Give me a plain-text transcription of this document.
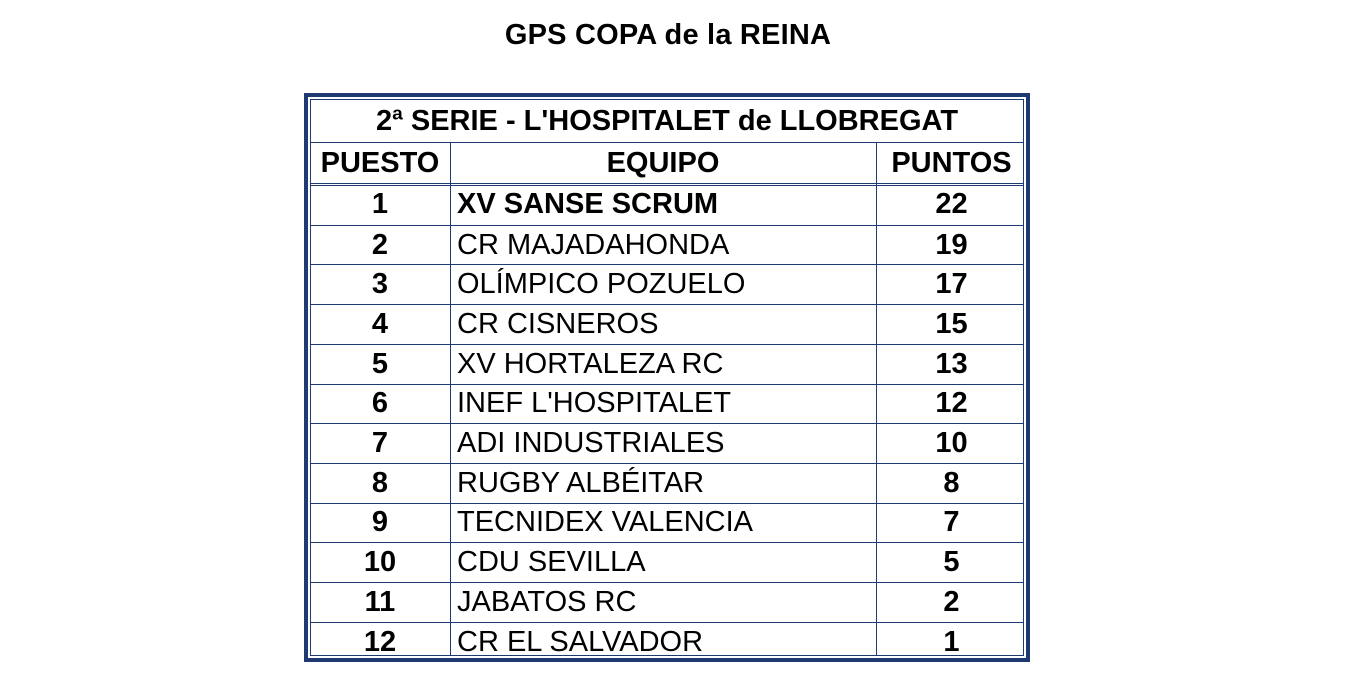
GPS COPA de la REINA
2ª SERIE - L'HOSPITALET de LLOBREGAT
PUESTO	EQUIPO	PUNTOS
1	XV SANSE SCRUM	22
2	CR MAJADAHONDA	19
3	OLÍMPICO POZUELO	17
4	CR CISNEROS	15
5	XV HORTALEZA RC	13
6	INEF L'HOSPITALET	12
7	ADI INDUSTRIALES	10
8	RUGBY ALBÉITAR	8
9	TECNIDEX VALENCIA	7
10	CDU SEVILLA	5
11	JABATOS RC	2
12	CR EL SALVADOR	1
